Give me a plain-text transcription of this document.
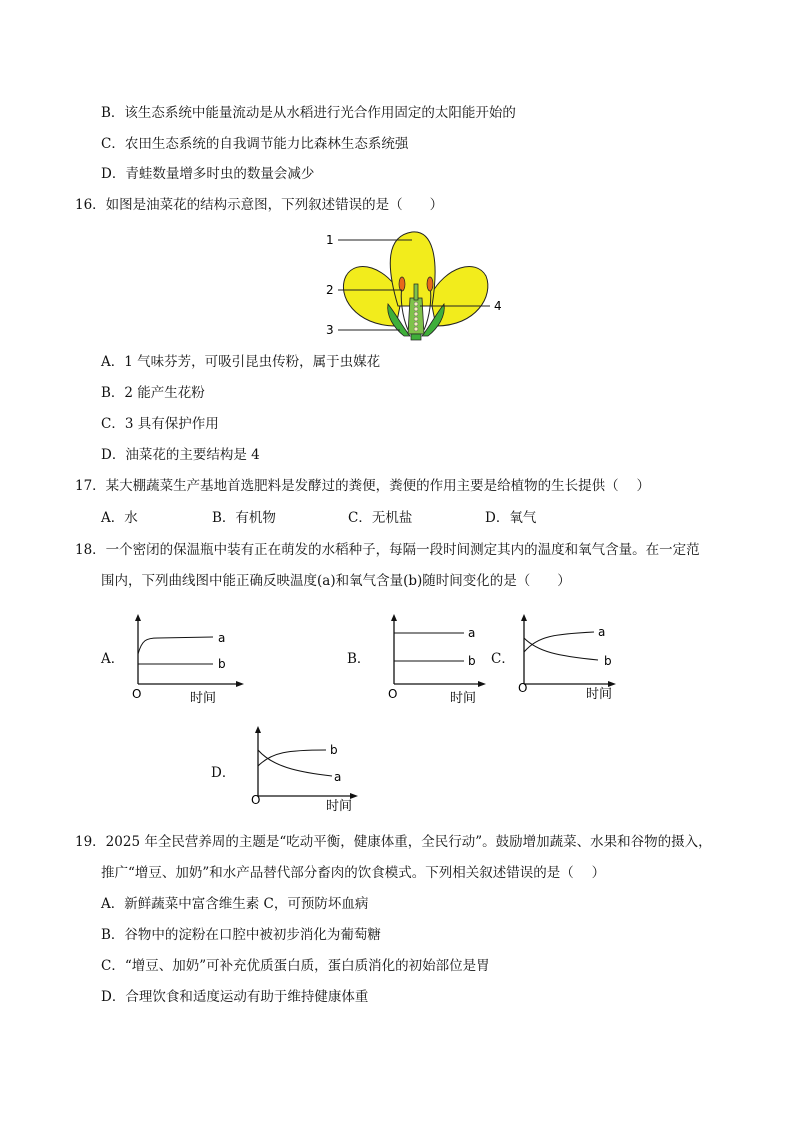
B．该生态系统中能量流动是从水稻进行光合作用固定的太阳能开始的
C．农田生态系统的自我调节能力比森林生态系统强
D．青蛙数量增多时虫的数量会减少
16．如图是油菜花的结构示意图，下列叙述错误的是（　　）
1
2
3
4
A．1 气味芬芳，可吸引昆虫传粉，属于虫媒花
B．2 能产生花粉
C．3 具有保护作用
D．油菜花的主要结构是 4
17．某大棚蔬菜生产基地首选肥料是发酵过的粪便，粪便的作用主要是给植物的生长提供（　 ）
A．水	B．有机物	C．无机盐	D．氧气
18．一个密闭的保温瓶中装有正在萌发的水稻种子，每隔一段时间测定其内的温度和氧气含量。在一定范
围内，下列曲线图中能正确反映温度(a)和氧气含量(b)随时间变化的是（　　）
A．
a
b
O	时间
B．
a
b
O	时间
C．
a
b
O	时间
D．
b
a
O	时间
19．2025 年全民营养周的主题是“吃动平衡，健康体重，全民行动”。鼓励增加蔬菜、水果和谷物的摄入，
推广“增豆、加奶”和水产品替代部分畜肉的饮食模式。下列相关叙述错误的是（　 ）
A．新鲜蔬菜中富含维生素 C，可预防坏血病
B．谷物中的淀粉在口腔中被初步消化为葡萄糖
C．“增豆、加奶”可补充优质蛋白质，蛋白质消化的初始部位是胃
D．合理饮食和适度运动有助于维持健康体重
